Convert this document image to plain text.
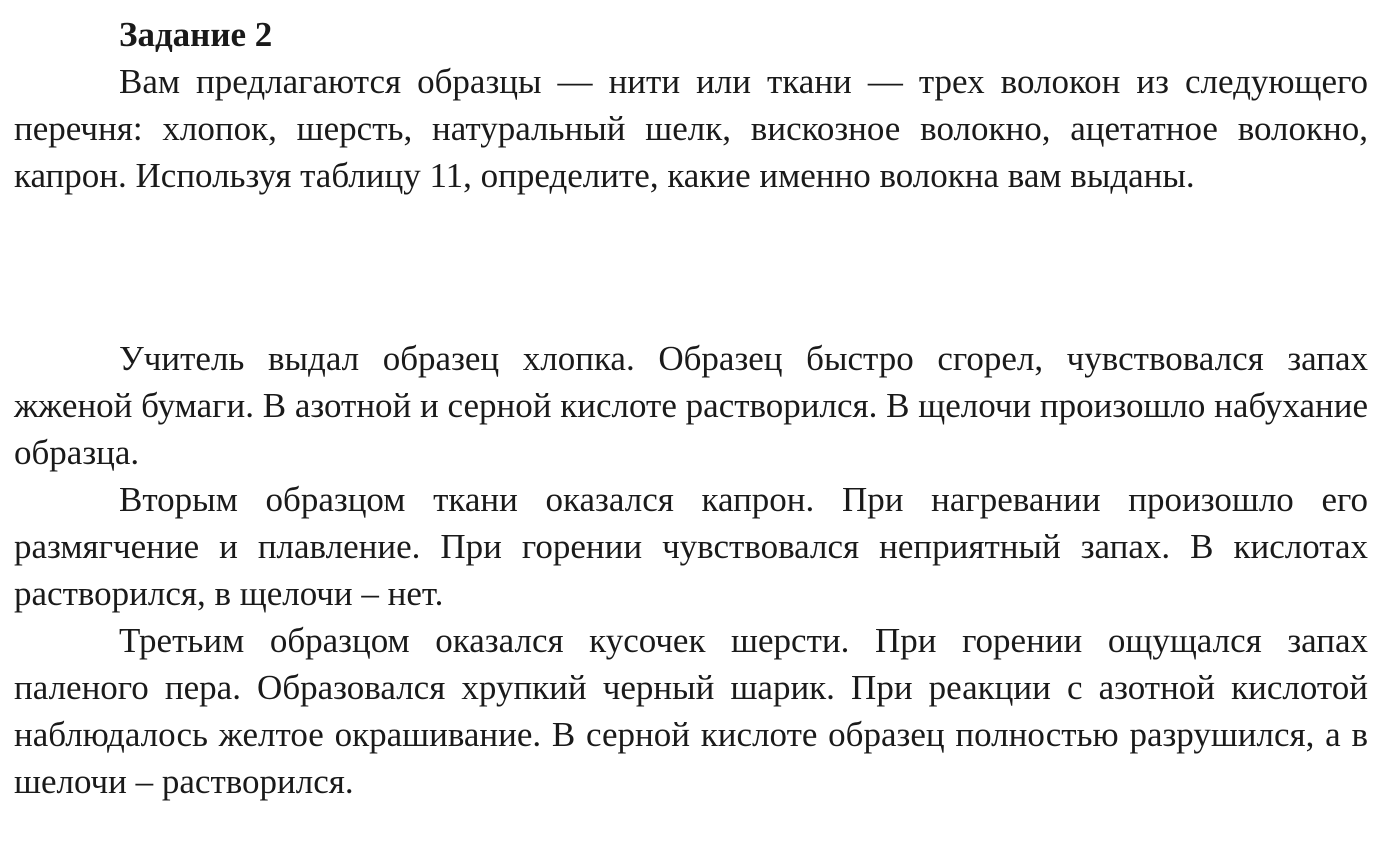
Задание 2

Вам предлагаются образцы — нити или ткани — трех волокон из следующего перечня: хлопок, шерсть, натуральный шелк, вискозное волокно, ацетатное волокно, капрон. Используя таблицу 11, определите, какие именно волокна вам выданы.

Учитель выдал образец хлопка. Образец быстро сгорел, чувствовался запах жженой бумаги. В азотной и серной кислоте растворился. В щелочи произошло набухание образца.

Вторым образцом ткани оказался капрон. При нагревании произошло его размягчение и плавление. При горении чувствовался неприятный запах. В кислотах растворился, в щелочи – нет.

Третьим образцом оказался кусочек шерсти. При горении ощущался запах паленого пера. Образовался хрупкий черный шарик. При реакции с азотной кислотой наблюдалось желтое окрашивание. В серной кислоте образец полностью разрушился, а в шелочи – растворился.
